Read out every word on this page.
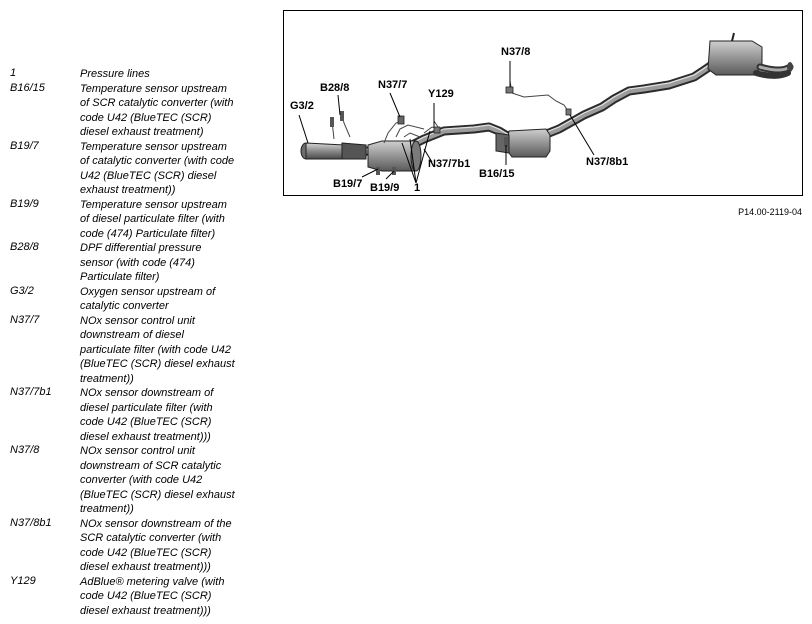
1	Pressure lines
B16/15	Temperature sensor upstream
of SCR catalytic converter (with
code U42 (BlueTEC (SCR)
diesel exhaust treatment)
B19/7	Temperature sensor upstream
of catalytic converter (with code
U42 (BlueTEC (SCR) diesel
exhaust treatment))
B19/9	Temperature sensor upstream
of diesel particulate filter (with
code (474) Particulate filter)
B28/8	DPF differential pressure
sensor (with code (474)
Particulate filter)
G3/2	Oxygen sensor upstream of
catalytic converter
N37/7	NOx sensor control unit
downstream of diesel
particulate filter (with code U42
(BlueTEC (SCR) diesel exhaust
treatment))
N37/7b1	NOx sensor downstream of
diesel particulate filter (with
code U42 (BlueTEC (SCR)
diesel exhaust treatment)))
N37/8	NOx sensor control unit
downstream of SCR catalytic
converter (with code U42
(BlueTEC (SCR) diesel exhaust
treatment))
N37/8b1	NOx sensor downstream of the
SCR catalytic converter (with
code U42 (BlueTEC (SCR)
diesel exhaust treatment)))
Y129	AdBlue® metering valve (with
code U42 (BlueTEC (SCR)
diesel exhaust treatment)))
G3/2
B28/8	N37/7
Y129
N37/8
B19/7 B19/9 1
N37/7b1
B16/15
N37/8b1
P14.00-2119-04
